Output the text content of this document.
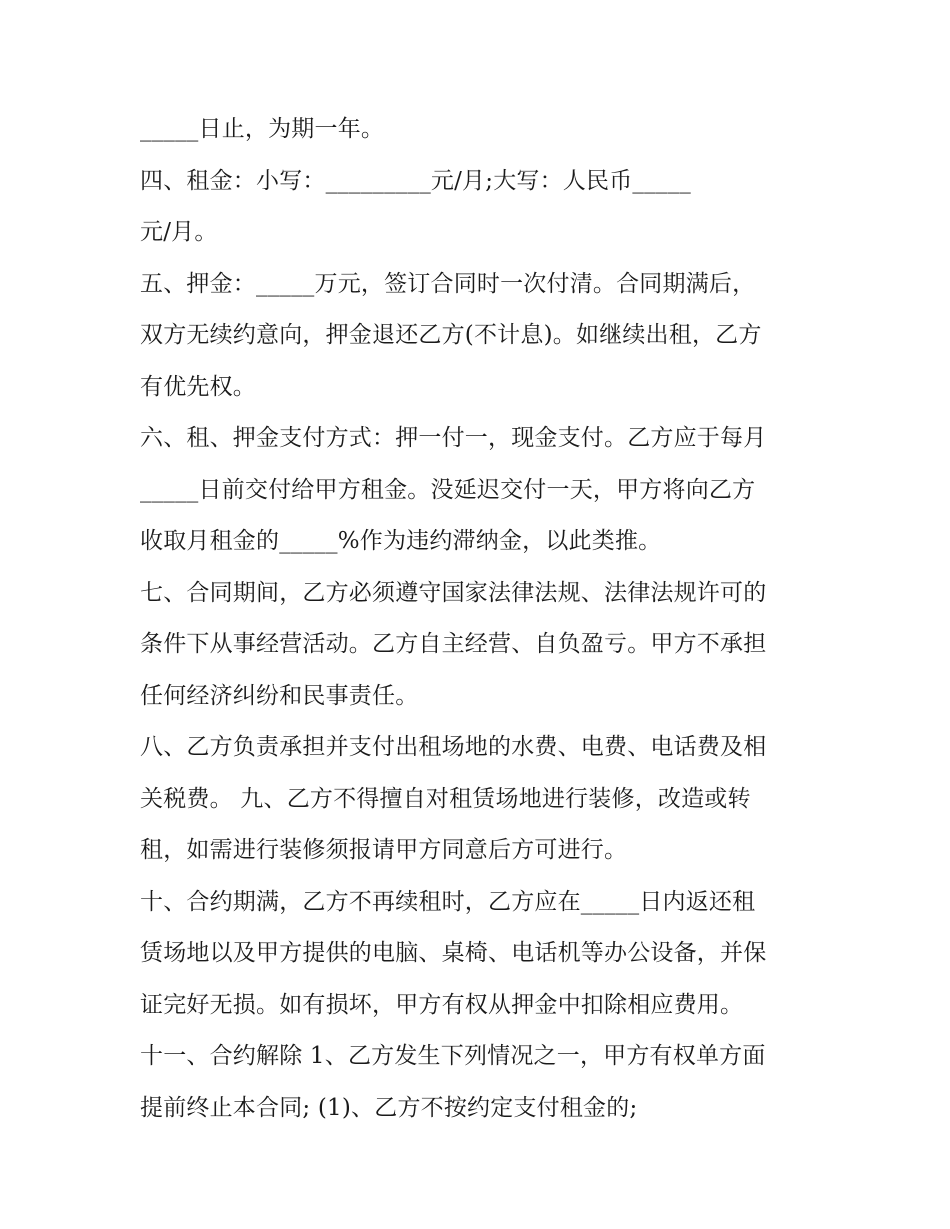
_____日止，为期一年。
四、租金：小写：_________元/月;大写：人民币_____
元/月。
五、押金：_____万元，签订合同时一次付清。合同期满后，
双方无续约意向，押金退还乙方(不计息)。如继续出租，乙方
有优先权。
六、租、押金支付方式：押一付一，现金支付。乙方应于每月
_____日前交付给甲方租金。没延迟交付一天，甲方将向乙方
收取月租金的_____%作为违约滞纳金，以此类推。
七、合同期间，乙方必须遵守国家法律法规、法律法规许可的
条件下从事经营活动。乙方自主经营、自负盈亏。甲方不承担
任何经济纠纷和民事责任。
八、乙方负责承担并支付出租场地的水费、电费、电话费及相
关税费。 九、乙方不得擅自对租赁场地进行装修，改造或转
租，如需进行装修须报请甲方同意后方可进行。
十、合约期满，乙方不再续租时，乙方应在_____日内返还租
赁场地以及甲方提供的电脑、桌椅、电话机等办公设备，并保
证完好无损。如有损坏，甲方有权从押金中扣除相应费用。
十一、合约解除 1、乙方发生下列情况之一，甲方有权单方面
提前终止本合同; (1)、乙方不按约定支付租金的;
